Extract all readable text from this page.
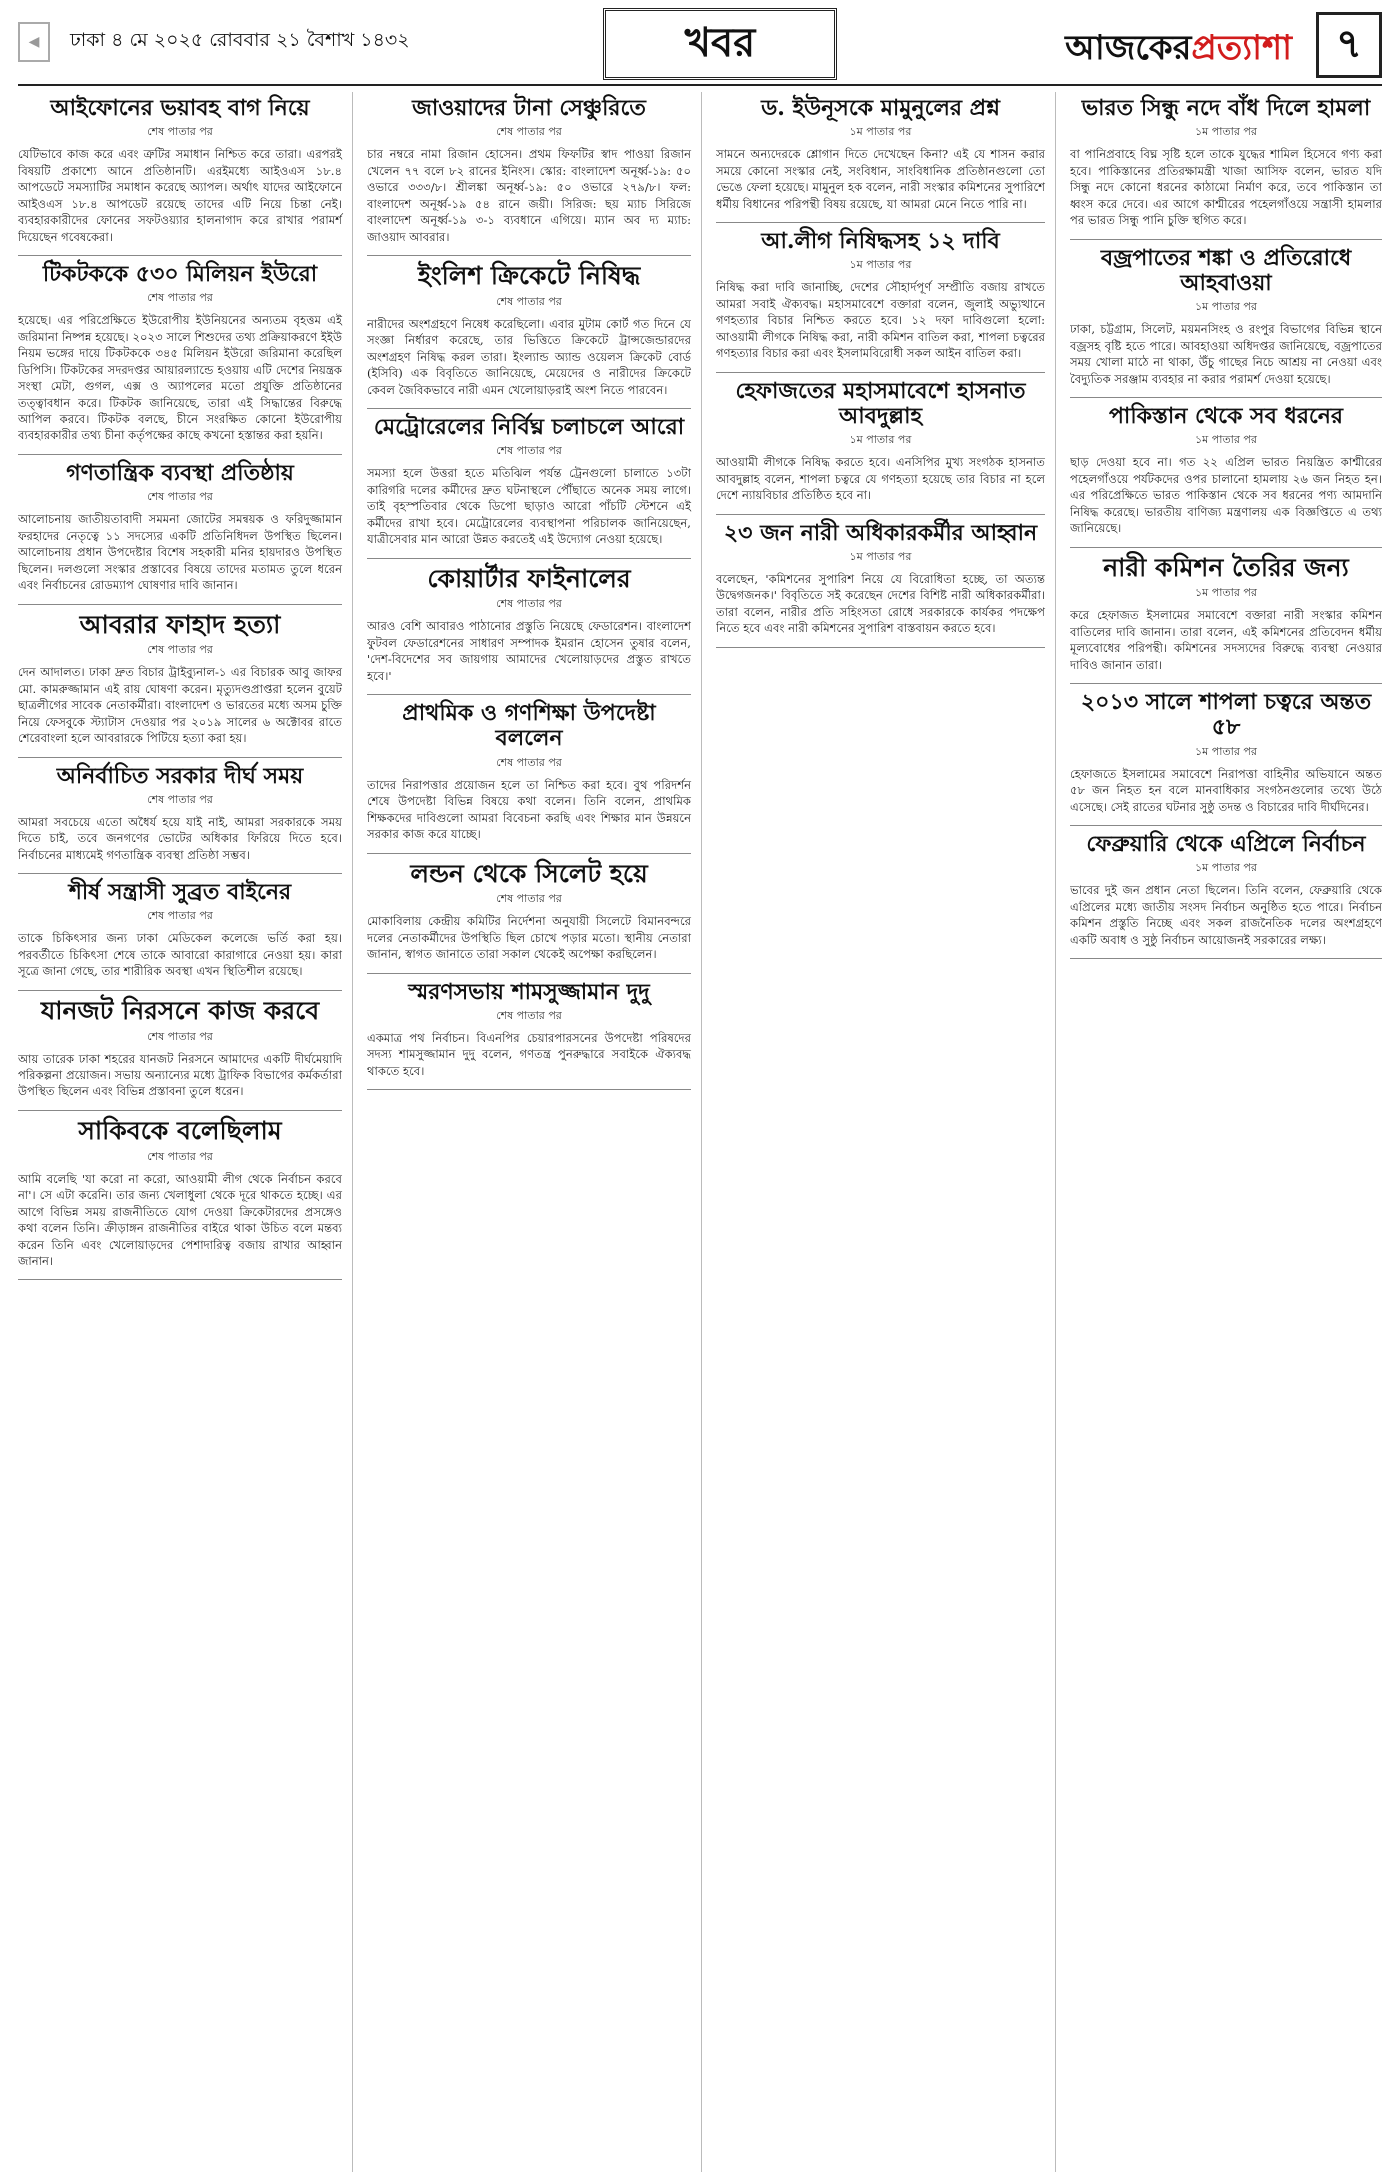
◀	ঢাকা ৪ মে ২০২৫ রোববার ২১ বৈশাখ ১৪৩২	খবর	আজকেরপ্রত্যাশা	৭
আইফোনের ভয়াবহ বাগ নিয়ে
শেষ পাতার পর
যেটিভাবে কাজ করে এবং ত্রুটির সমাধান নিশ্চিত করে তারা। এরপরই বিষয়টি প্রকাশ্যে আনে প্রতিষ্ঠানটি। এরইমধ্যে আইওএস ১৮.৪ আপডেটে সমস্যাটির সমাধান করেছে অ্যাপল। অর্থাৎ যাদের আইফোনে আইওএস ১৮.৪ আপডেট রয়েছে তাদের এটি নিয়ে চিন্তা নেই। ব্যবহারকারীদের ফোনের সফটওয়্যার হালনাগাদ করে রাখার পরামর্শ দিয়েছেন গবেষকেরা।
টিকটককে ৫৩০ মিলিয়ন ইউরো
শেষ পাতার পর
হয়েছে। এর পরিপ্রেক্ষিতে ইউরোপীয় ইউনিয়নের অন্যতম বৃহত্তম এই জরিমানা নিষ্পন্ন হয়েছে। ২০২৩ সালে শিশুদের তথ্য প্রক্রিয়াকরণে ইইউ নিয়ম ভঙ্গের দায়ে টিকটককে ৩৪৫ মিলিয়ন ইউরো জরিমানা করেছিল ডিপিসি। টিকটকের সদরদপ্তর আয়ারল্যান্ডে হওয়ায় এটি দেশের নিয়ন্ত্রক সংস্থা মেটা, গুগল, এক্স ও অ্যাপলের মতো প্রযুক্তি প্রতিষ্ঠানের তত্ত্বাবধান করে। টিকটক জানিয়েছে, তারা এই সিদ্ধান্তের বিরুদ্ধে আপিল করবে। টিকটক বলছে, চীনে সংরক্ষিত কোনো ইউরোপীয় ব্যবহারকারীর তথ্য চীনা কর্তৃপক্ষের কাছে কখনো হস্তান্তর করা হয়নি।
গণতান্ত্রিক ব্যবস্থা প্রতিষ্ঠায়
শেষ পাতার পর
আলোচনায় জাতীয়তাবাদী সমমনা জোটের সমন্বয়ক ও ফরিদুজ্জামান ফরহাদের নেতৃত্বে ১১ সদস্যের একটি প্রতিনিধিদল উপস্থিত ছিলেন। আলোচনায় প্রধান উপদেষ্টার বিশেষ সহকারী মনির হায়দারও উপস্থিত ছিলেন। দলগুলো সংস্কার প্রস্তাবের বিষয়ে তাদের মতামত তুলে ধরেন এবং নির্বাচনের রোডম্যাপ ঘোষণার দাবি জানান।
আবরার ফাহাদ হত্যা
শেষ পাতার পর
দেন আদালত। ঢাকা দ্রুত বিচার ট্রাইব্যুনাল-১ এর বিচারক আবু জাফর মো. কামরুজ্জামান এই রায় ঘোষণা করেন। মৃত্যুদণ্ডপ্রাপ্তরা হলেন বুয়েট ছাত্রলীগের সাবেক নেতাকর্মীরা। বাংলাদেশ ও ভারতের মধ্যে অসম চুক্তি নিয়ে ফেসবুকে স্ট্যাটাস দেওয়ার পর ২০১৯ সালের ৬ অক্টোবর রাতে শেরেবাংলা হলে আবরারকে পিটিয়ে হত্যা করা হয়।
অনির্বাচিত সরকার দীর্ঘ সময়
শেষ পাতার পর
আমরা সবচেয়ে এতো অধৈর্য হয়ে যাই নাই, আমরা সরকারকে সময় দিতে চাই, তবে জনগণের ভোটের অধিকার ফিরিয়ে দিতে হবে। নির্বাচনের মাধ্যমেই গণতান্ত্রিক ব্যবস্থা প্রতিষ্ঠা সম্ভব।
শীর্ষ সন্ত্রাসী সুব্রত বাইনের
শেষ পাতার পর
তাকে চিকিৎসার জন্য ঢাকা মেডিকেল কলেজে ভর্তি করা হয়। পরবর্তীতে চিকিৎসা শেষে তাকে আবারো কারাগারে নেওয়া হয়। কারা সূত্রে জানা গেছে, তার শারীরিক অবস্থা এখন স্থিতিশীল রয়েছে।
যানজট নিরসনে কাজ করবে
শেষ পাতার পর
আয় তারেক ঢাকা শহরের যানজট নিরসনে আমাদের একটি দীর্ঘমেয়াদি পরিকল্পনা প্রয়োজন। সভায় অন্যান্যের মধ্যে ট্রাফিক বিভাগের কর্মকর্তারা উপস্থিত ছিলেন এবং বিভিন্ন প্রস্তাবনা তুলে ধরেন।
সাকিবকে বলেছিলাম
শেষ পাতার পর
আমি বলেছি 'যা করো না করো, আওয়ামী লীগ থেকে নির্বাচন করবে না'। সে এটা করেনি। তার জন্য খেলাধুলা থেকে দূরে থাকতে হচ্ছে। এর আগে বিভিন্ন সময় রাজনীতিতে যোগ দেওয়া ক্রিকেটারদের প্রসঙ্গেও কথা বলেন তিনি। ক্রীড়াঙ্গন রাজনীতির বাইরে থাকা উচিত বলে মন্তব্য করেন তিনি এবং খেলোয়াড়দের পেশাদারিত্ব বজায় রাখার আহ্বান জানান।
জাওয়াদের টানা সেঞ্চুরিতে
শেষ পাতার পর
চার নম্বরে নামা রিজান হোসেন। প্রথম ফিফটির স্বাদ পাওয়া রিজান খেলেন ৭৭ বলে ৮২ রানের ইনিংস। স্কোর: বাংলাদেশ অনূর্ধ্ব-১৯: ৫০ ওভারে ৩৩৩/৮। শ্রীলঙ্কা অনূর্ধ্ব-১৯: ৫০ ওভারে ২৭৯/৮। ফল: বাংলাদেশ অনূর্ধ্ব-১৯ ৫৪ রানে জয়ী। সিরিজ: ছয় ম্যাচ সিরিজে বাংলাদেশ অনূর্ধ্ব-১৯ ৩-১ ব্যবধানে এগিয়ে। ম্যান অব দ্য ম্যাচ: জাওয়াদ আবরার।
ইংলিশ ক্রিকেটে নিষিদ্ধ
শেষ পাতার পর
নারীদের অংশগ্রহণে নিষেধ করেছিলো। এবার মুটাম কোর্ট গত দিনে যে সংজ্ঞা নির্ধারণ করেছে, তার ভিত্তিতে ক্রিকেটে ট্রান্সজেন্ডারদের অংশগ্রহণ নিষিদ্ধ করল তারা। ইংল্যান্ড অ্যান্ড ওয়েলস ক্রিকেট বোর্ড (ইসিবি) এক বিবৃতিতে জানিয়েছে, মেয়েদের ও নারীদের ক্রিকেটে কেবল জৈবিকভাবে নারী এমন খেলোয়াড়রাই অংশ নিতে পারবেন।
মেট্রোরেলের নির্বিঘ্ন চলাচলে আরো
শেষ পাতার পর
সমস্যা হলে উত্তরা হতে মতিঝিল পর্যন্ত ট্রেনগুলো চালাতে ১৩টা কারিগরি দলের কর্মীদের দ্রুত ঘটনাস্থলে পৌঁছাতে অনেক সময় লাগে। তাই বৃহস্পতিবার থেকে ডিপো ছাড়াও আরো পাঁচটি স্টেশনে এই কর্মীদের রাখা হবে। মেট্রোরেলের ব্যবস্থাপনা পরিচালক জানিয়েছেন, যাত্রীসেবার মান আরো উন্নত করতেই এই উদ্যোগ নেওয়া হয়েছে।
কোয়ার্টার ফাইনালের
শেষ পাতার পর
আরও বেশি আবারও পাঠানোর প্রস্তুতি নিয়েছে ফেডারেশন। বাংলাদেশ ফুটবল ফেডারেশনের সাধারণ সম্পাদক ইমরান হোসেন তুষার বলেন, 'দেশ-বিদেশের সব জায়গায় আমাদের খেলোয়াড়দের প্রস্তুত রাখতে হবে।'
প্রাথমিক ও গণশিক্ষা উপদেষ্টা বললেন
শেষ পাতার পর
তাদের নিরাপত্তার প্রয়োজন হলে তা নিশ্চিত করা হবে। বুথ পরিদর্শন শেষে উপদেষ্টা বিভিন্ন বিষয়ে কথা বলেন। তিনি বলেন, প্রাথমিক শিক্ষকদের দাবিগুলো আমরা বিবেচনা করছি এবং শিক্ষার মান উন্নয়নে সরকার কাজ করে যাচ্ছে।
লন্ডন থেকে সিলেট হয়ে
শেষ পাতার পর
মোকাবিলায় কেন্দ্রীয় কমিটির নির্দেশনা অনুযায়ী সিলেটে বিমানবন্দরে দলের নেতাকর্মীদের উপস্থিতি ছিল চোখে পড়ার মতো। স্থানীয় নেতারা জানান, স্বাগত জানাতে তারা সকাল থেকেই অপেক্ষা করছিলেন।
স্মরণসভায় শামসুজ্জামান দুদু
শেষ পাতার পর
একমাত্র পথ নির্বাচন। বিএনপির চেয়ারপারসনের উপদেষ্টা পরিষদের সদস্য শামসুজ্জামান দুদু বলেন, গণতন্ত্র পুনরুদ্ধারে সবাইকে ঐক্যবদ্ধ থাকতে হবে।
ড. ইউনূসকে মামুনুলের প্রশ্ন
১ম পাতার পর
সামনে অন্যদেরকে শ্লোগান দিতে দেখেছেন কিনা? এই যে শাসন করার সময়ে কোনো সংস্কার নেই, সংবিধান, সাংবিধানিক প্রতিষ্ঠানগুলো তো ভেঙে ফেলা হয়েছে। মামুনুল হক বলেন, নারী সংস্কার কমিশনের সুপারিশে ধর্মীয় বিধানের পরিপন্থী বিষয় রয়েছে, যা আমরা মেনে নিতে পারি না।
আ.লীগ নিষিদ্ধসহ ১২ দাবি
১ম পাতার পর
নিষিদ্ধ করা দাবি জানাচ্ছি, দেশের সৌহার্দপূর্ণ সম্প্রীতি বজায় রাখতে আমরা সবাই ঐক্যবদ্ধ। মহাসমাবেশে বক্তারা বলেন, জুলাই অভ্যুত্থানে গণহত্যার বিচার নিশ্চিত করতে হবে। ১২ দফা দাবিগুলো হলো: আওয়ামী লীগকে নিষিদ্ধ করা, নারী কমিশন বাতিল করা, শাপলা চত্বরের গণহত্যার বিচার করা এবং ইসলামবিরোধী সকল আইন বাতিল করা।
হেফাজতের মহাসমাবেশে হাসনাত আবদুল্লাহ
১ম পাতার পর
আওয়ামী লীগকে নিষিদ্ধ করতে হবে। এনসিপির মুখ্য সংগঠক হাসনাত আবদুল্লাহ বলেন, শাপলা চত্বরে যে গণহত্যা হয়েছে তার বিচার না হলে দেশে ন্যায়বিচার প্রতিষ্ঠিত হবে না।
২৩ জন নারী অধিকারকর্মীর আহ্বান
১ম পাতার পর
বলেছেন, 'কমিশনের সুপারিশ নিয়ে যে বিরোধিতা হচ্ছে, তা অত্যন্ত উদ্বেগজনক।' বিবৃতিতে সই করেছেন দেশের বিশিষ্ট নারী অধিকারকর্মীরা। তারা বলেন, নারীর প্রতি সহিংসতা রোধে সরকারকে কার্যকর পদক্ষেপ নিতে হবে এবং নারী কমিশনের সুপারিশ বাস্তবায়ন করতে হবে।
ভারত সিন্ধু নদে বাঁধ দিলে হামলা
১ম পাতার পর
বা পানিপ্রবাহে বিঘ্ন সৃষ্টি হলে তাকে যুদ্ধের শামিল হিসেবে গণ্য করা হবে। পাকিস্তানের প্রতিরক্ষামন্ত্রী খাজা আসিফ বলেন, ভারত যদি সিন্ধু নদে কোনো ধরনের কাঠামো নির্মাণ করে, তবে পাকিস্তান তা ধ্বংস করে দেবে। এর আগে কাশ্মীরের পহেলগাঁওয়ে সন্ত্রাসী হামলার পর ভারত সিন্ধু পানি চুক্তি স্থগিত করে।
বজ্রপাতের শঙ্কা ও প্রতিরোধে আহবাওয়া
১ম পাতার পর
ঢাকা, চট্টগ্রাম, সিলেট, ময়মনসিংহ ও রংপুর বিভাগের বিভিন্ন স্থানে বজ্রসহ বৃষ্টি হতে পারে। আবহাওয়া অধিদপ্তর জানিয়েছে, বজ্রপাতের সময় খোলা মাঠে না থাকা, উঁচু গাছের নিচে আশ্রয় না নেওয়া এবং বৈদ্যুতিক সরঞ্জাম ব্যবহার না করার পরামর্শ দেওয়া হয়েছে।
পাকিস্তান থেকে সব ধরনের
১ম পাতার পর
ছাড় দেওয়া হবে না। গত ২২ এপ্রিল ভারত নিয়ন্ত্রিত কাশ্মীরের পহেলগাঁওয়ে পর্যটকদের ওপর চালানো হামলায় ২৬ জন নিহত হন। এর পরিপ্রেক্ষিতে ভারত পাকিস্তান থেকে সব ধরনের পণ্য আমদানি নিষিদ্ধ করেছে। ভারতীয় বাণিজ্য মন্ত্রণালয় এক বিজ্ঞপ্তিতে এ তথ্য জানিয়েছে।
নারী কমিশন তৈরির জন্য
১ম পাতার পর
করে হেফাজত ইসলামের সমাবেশে বক্তারা নারী সংস্কার কমিশন বাতিলের দাবি জানান। তারা বলেন, এই কমিশনের প্রতিবেদন ধর্মীয় মূল্যবোধের পরিপন্থী। কমিশনের সদস্যদের বিরুদ্ধে ব্যবস্থা নেওয়ার দাবিও জানান তারা।
২০১৩ সালে শাপলা চত্বরে অন্তত ৫৮
১ম পাতার পর
হেফাজতে ইসলামের সমাবেশে নিরাপত্তা বাহিনীর অভিযানে অন্তত ৫৮ জন নিহত হন বলে মানবাধিকার সংগঠনগুলোর তথ্যে উঠে এসেছে। সেই রাতের ঘটনার সুষ্ঠু তদন্ত ও বিচারের দাবি দীর্ঘদিনের।
ফেব্রুয়ারি থেকে এপ্রিলে নির্বাচন
১ম পাতার পর
ভাবের দুই জন প্রধান নেতা ছিলেন। তিনি বলেন, ফেব্রুয়ারি থেকে এপ্রিলের মধ্যে জাতীয় সংসদ নির্বাচন অনুষ্ঠিত হতে পারে। নির্বাচন কমিশন প্রস্তুতি নিচ্ছে এবং সকল রাজনৈতিক দলের অংশগ্রহণে একটি অবাধ ও সুষ্ঠু নির্বাচন আয়োজনই সরকারের লক্ষ্য।
